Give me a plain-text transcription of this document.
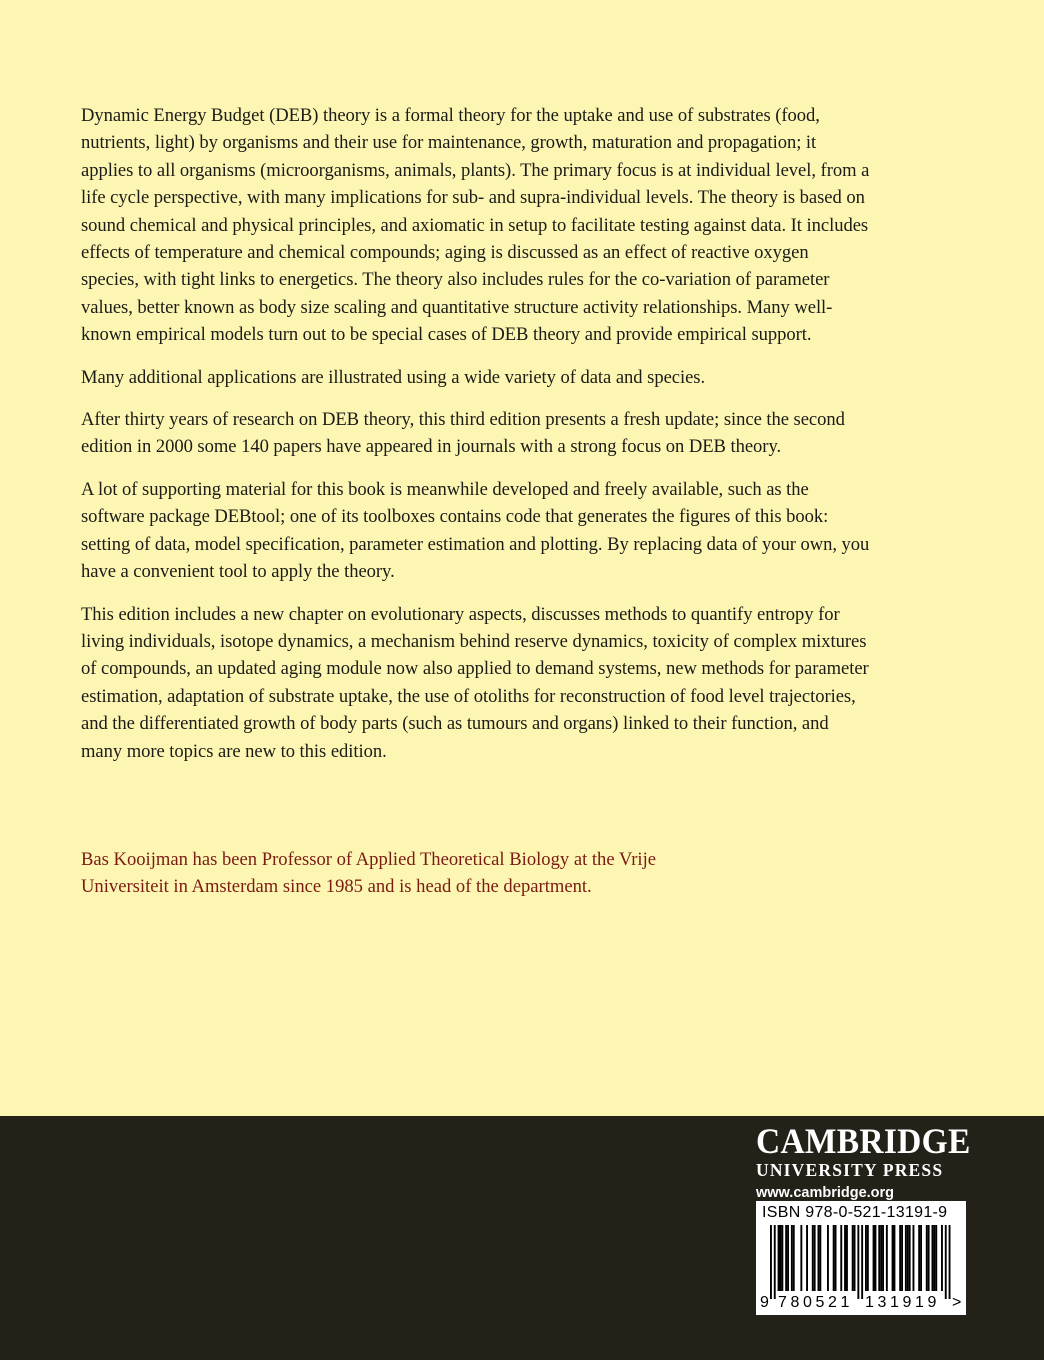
Dynamic Energy Budget (DEB) theory is a formal theory for the uptake and use of substrates (food, nutrients, light) by organisms and their use for maintenance, growth, maturation and propagation; it applies to all organisms (microorganisms, animals, plants). The primary focus is at individual level, from a life cycle perspective, with many implications for sub- and supra-individual levels. The theory is based on sound chemical and physical principles, and axiomatic in setup to facilitate testing against data. It includes effects of temperature and chemical compounds; aging is discussed as an effect of reactive oxygen species, with tight links to energetics. The theory also includes rules for the co-variation of parameter values, better known as body size scaling and quantitative structure activity relationships. Many well-known empirical models turn out to be special cases of DEB theory and provide empirical support.

Many additional applications are illustrated using a wide variety of data and species.

After thirty years of research on DEB theory, this third edition presents a fresh update; since the second edition in 2000 some 140 papers have appeared in journals with a strong focus on DEB theory.

A lot of supporting material for this book is meanwhile developed and freely available, such as the software package DEBtool; one of its toolboxes contains code that generates the figures of this book: setting of data, model specification, parameter estimation and plotting. By replacing data of your own, you have a convenient tool to apply the theory.

This edition includes a new chapter on evolutionary aspects, discusses methods to quantify entropy for living individuals, isotope dynamics, a mechanism behind reserve dynamics, toxicity of complex mixtures of compounds, an updated aging module now also applied to demand systems, new methods for parameter estimation, adaptation of substrate uptake, the use of otoliths for reconstruction of food level trajectories, and the differentiated growth of body parts (such as tumours and organs) linked to their function, and many more topics are new to this edition.

Bas Kooijman has been Professor of Applied Theoretical Biology at the Vrije Universiteit in Amsterdam since 1985 and is head of the department.

CAMBRIDGE
UNIVERSITY PRESS
www.cambridge.org
ISBN 978-0-521-13191-9
9 780521 131919 >
